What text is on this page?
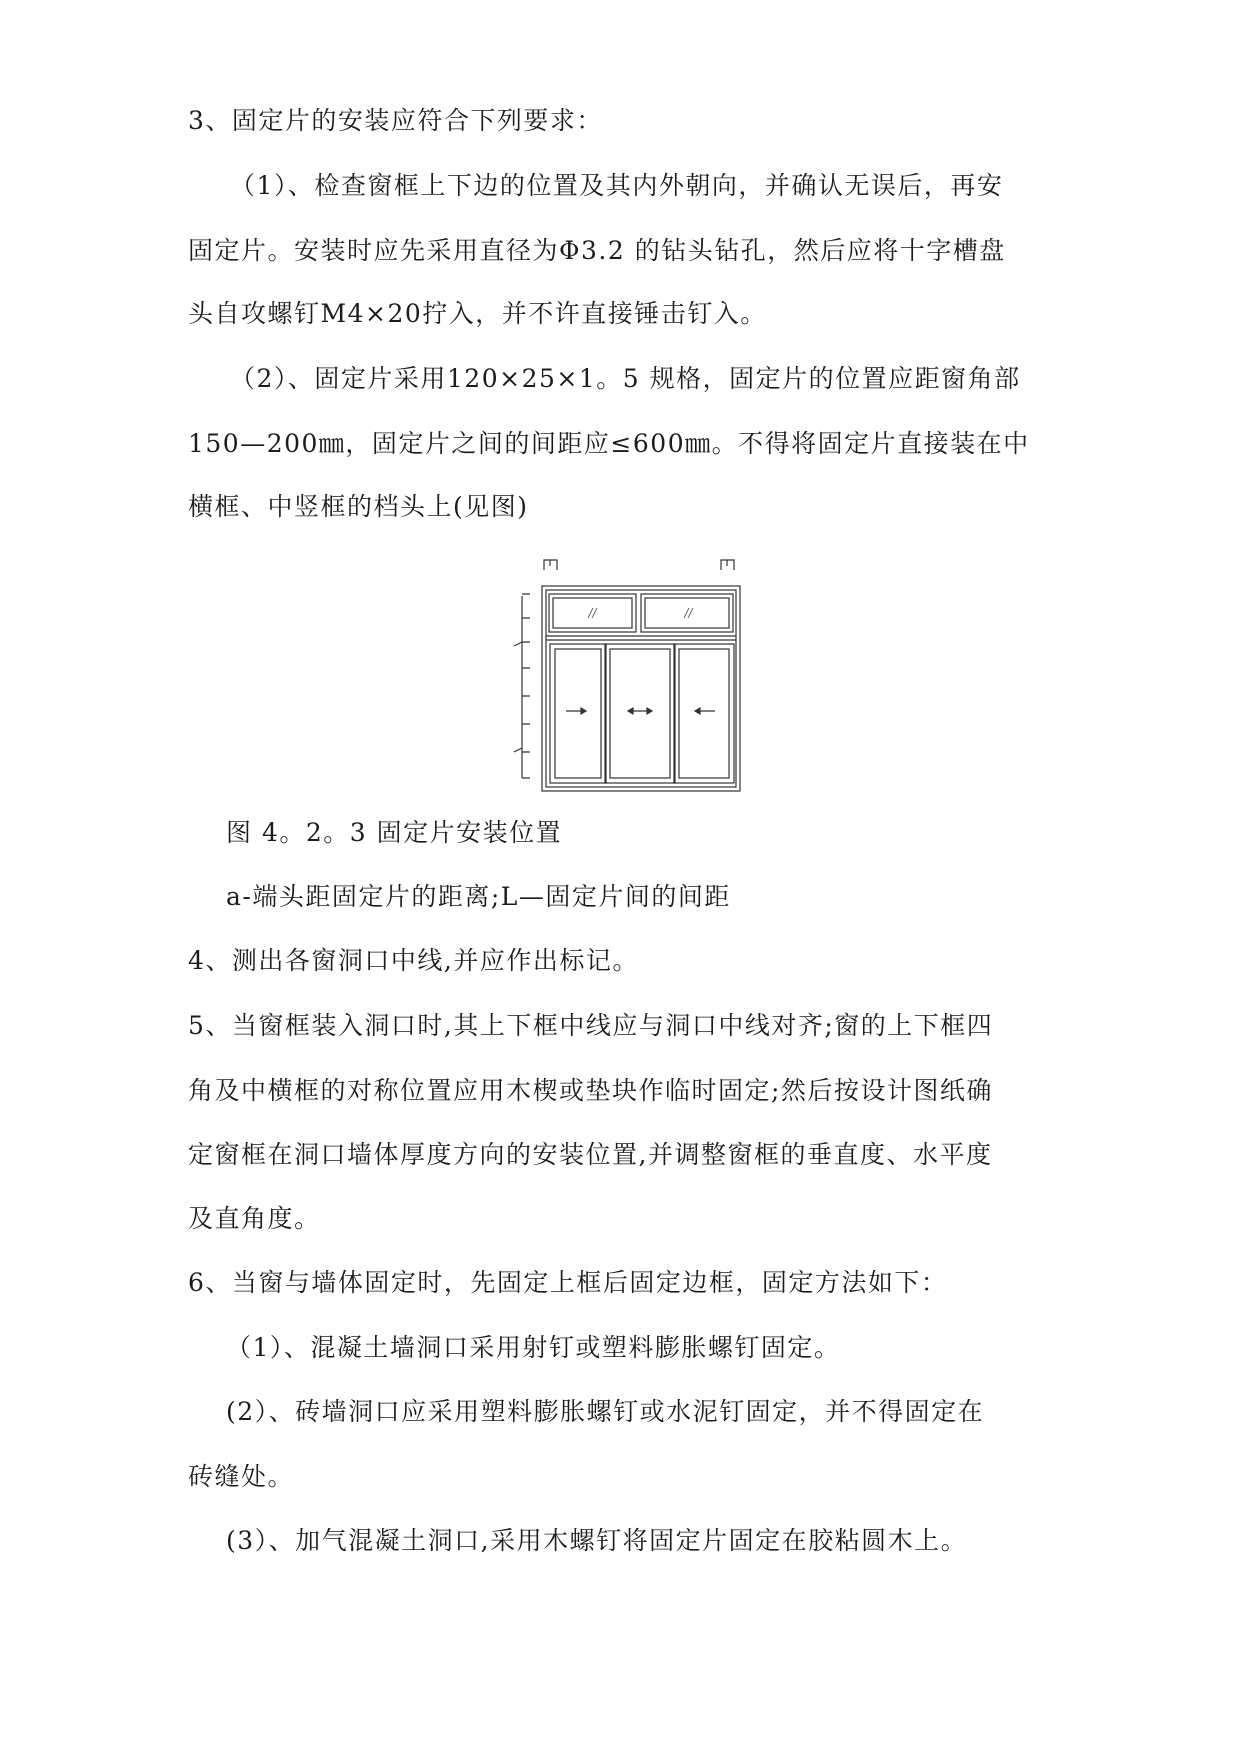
3、固定片的安装应符合下列要求：
（1）、检查窗框上下边的位置及其内外朝向，并确认无误后，再安
固定片。安装时应先采用直径为Φ3.2 的钻头钻孔，然后应将十字槽盘
头自攻螺钉M4×20拧入，并不许直接锤击钉入。
（2）、固定片采用120×25×1。5 规格，固定片的位置应距窗角部
150—200㎜，固定片之间的间距应≤600㎜。不得将固定片直接装在中
横框、中竖框的档头上(见图)
图 4。2。3 固定片安装位置
a-端头距固定片的距离;L—固定片间的间距
4、测出各窗洞口中线,并应作出标记。
5、当窗框装入洞口时,其上下框中线应与洞口中线对齐;窗的上下框四
角及中横框的对称位置应用木楔或垫块作临时固定;然后按设计图纸确
定窗框在洞口墙体厚度方向的安装位置,并调整窗框的垂直度、水平度
及直角度。
6、当窗与墙体固定时，先固定上框后固定边框，固定方法如下：
（1）、混凝土墙洞口采用射钉或塑料膨胀螺钉固定。
(2）、砖墙洞口应采用塑料膨胀螺钉或水泥钉固定，并不得固定在
砖缝处。
(3）、加气混凝土洞口,采用木螺钉将固定片固定在胶粘圆木上。
